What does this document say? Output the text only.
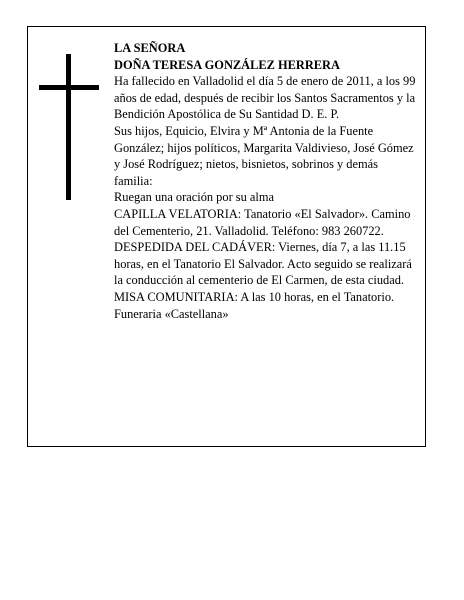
LA SEÑORA

DOÑA TERESA GONZÁLEZ HERRERA

Ha fallecido en Valladolid el día 5 de enero de 2011, a los 99 años de edad, después de recibir los Santos Sacramentos y la Bendición Apostólica de Su Santidad D. E. P.

Sus hijos, Equicio, Elvira y Mª Antonia de la Fuente González; hijos políticos, Margarita Valdivieso, José Gómez y José Rodríguez; nietos, bisnietos, sobrinos y demás familia:

Ruegan una oración por su alma

CAPILLA VELATORIA: Tanatorio «El Salvador». Camino del Cementerio, 21. Valladolid. Teléfono: 983 260722.

DESPEDIDA DEL CADÁVER: Viernes, día 7, a las 11.15 horas, en el Tanatorio El Salvador. Acto seguido se realizará la conducción al cementerio de El Carmen, de esta ciudad.

MISA COMUNITARIA: A las 10 horas, en el Tanatorio.

Funeraria «Castellana»
